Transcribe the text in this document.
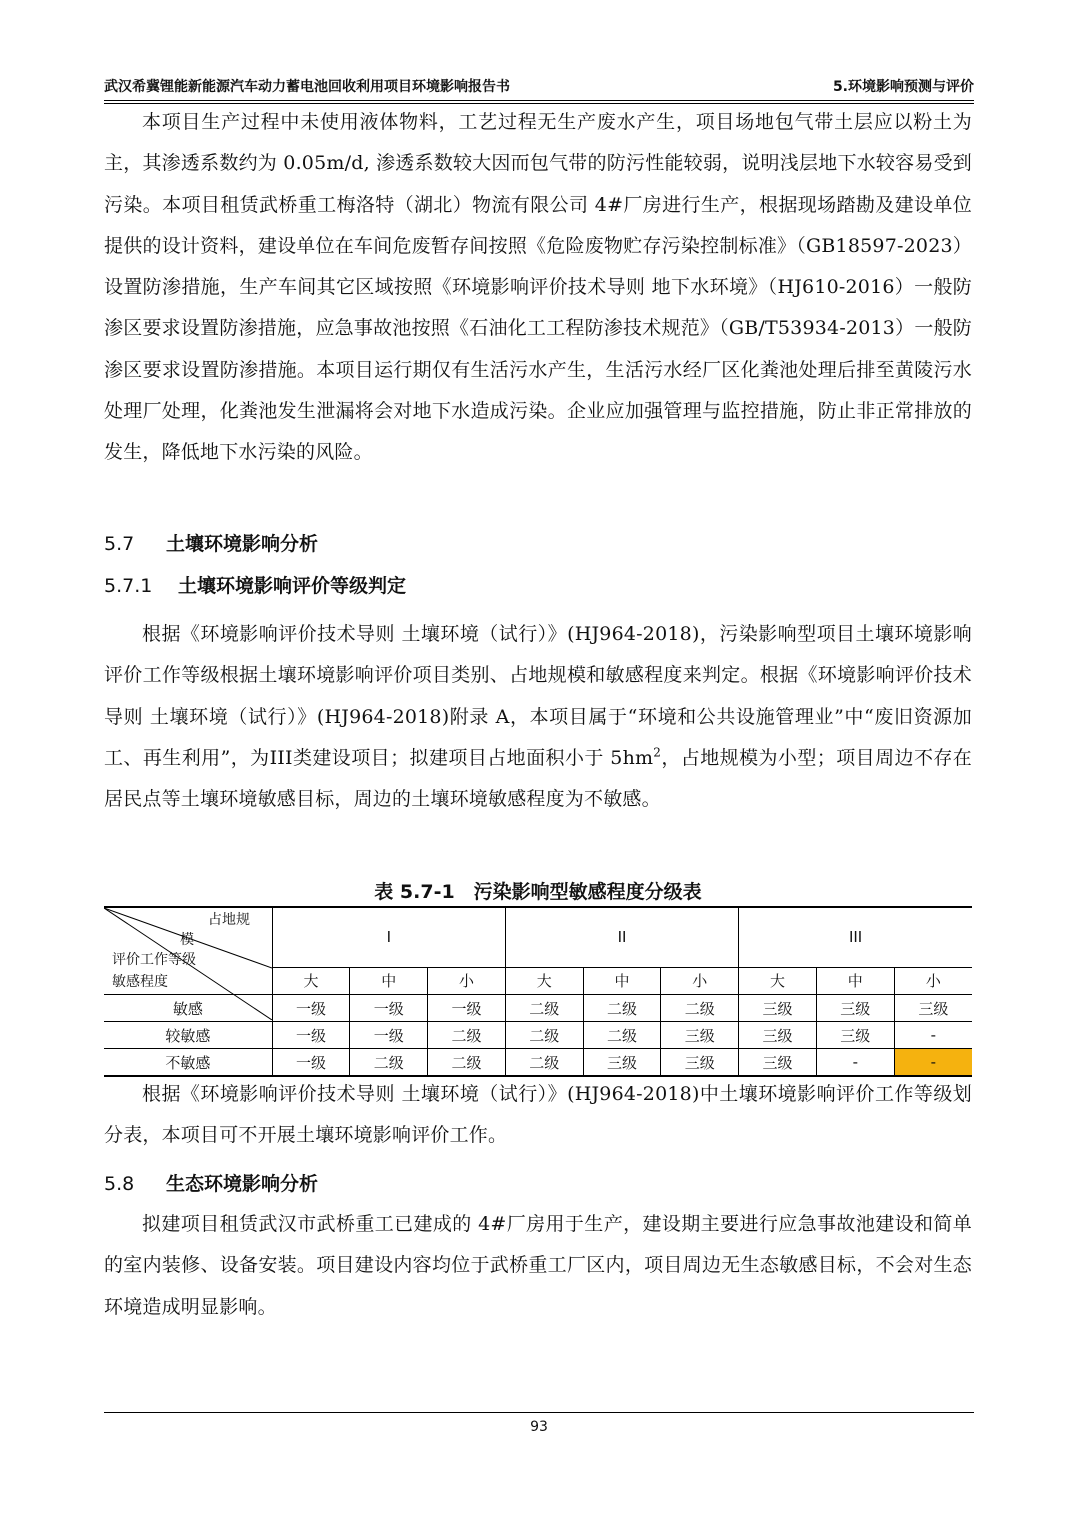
武汉希冀锂能新能源汽车动力蓄电池回收利用项目环境影响报告书	5.环境影响预测与评价

本项目生产过程中未使用液体物料，工艺过程无生产废水产生，项目场地包气带土层应以粉土为主，其渗透系数约为 0.05m/d, 渗透系数较大因而包气带的防污性能较弱，说明浅层地下水较容易受到污染。本项目租赁武桥重工梅洛特（湖北）物流有限公司 4#厂房进行生产，根据现场踏勘及建设单位提供的设计资料，建设单位在车间危废暂存间按照《危险废物贮存污染控制标准》（GB18597-2023）设置防渗措施，生产车间其它区域按照《环境影响评价技术导则 地下水环境》（HJ610-2016）一般防渗区要求设置防渗措施，应急事故池按照《石油化工工程防渗技术规范》（GB/T53934-2013）一般防渗区要求设置防渗措施。本项目运行期仅有生活污水产生，生活污水经厂区化粪池处理后排至黄陵污水处理厂处理，化粪池发生泄漏将会对地下水造成污染。企业应加强管理与监控措施，防止非正常排放的发生，降低地下水污染的风险。

5.7 土壤环境影响分析
5.7.1 土壤环境影响评价等级判定

根据《环境影响评价技术导则 土壤环境（试行）》(HJ964-2018)，污染影响型项目土壤环境影响评价工作等级根据土壤环境影响评价项目类别、占地规模和敏感程度来判定。根据《环境影响评价技术导则 土壤环境（试行）》(HJ964-2018)附录 A，本项目属于“环境和公共设施管理业”中“废旧资源加工、再生利用”，为III类建设项目；拟建项目占地面积小于 $5hm^2$，占地规模为小型；项目周边不存在居民点等土壤环境敏感目标，周边的土壤环境敏感程度为不敏感。

表 5.7-1　污染影响型敏感程度分级表
占地规
模
评价工作等级
敏感程度	I			II			III		
	大	中	小	大	中	小	大	中	小
敏感	一级	一级	一级	二级	二级	二级	三级	三级	三级
较敏感	一级	一级	二级	二级	二级	三级	三级	三级	-
不敏感	一级	二级	二级	二级	三级	三级	三级	-	-

根据《环境影响评价技术导则 土壤环境（试行）》(HJ964-2018)中土壤环境影响评价工作等级划分表，本项目可不开展土壤环境影响评价工作。

5.8 生态环境影响分析

拟建项目租赁武汉市武桥重工已建成的 4#厂房用于生产，建设期主要进行应急事故池建设和简单的室内装修、设备安装。项目建设内容均位于武桥重工厂区内，项目周边无生态敏感目标，不会对生态环境造成明显影响。

93
